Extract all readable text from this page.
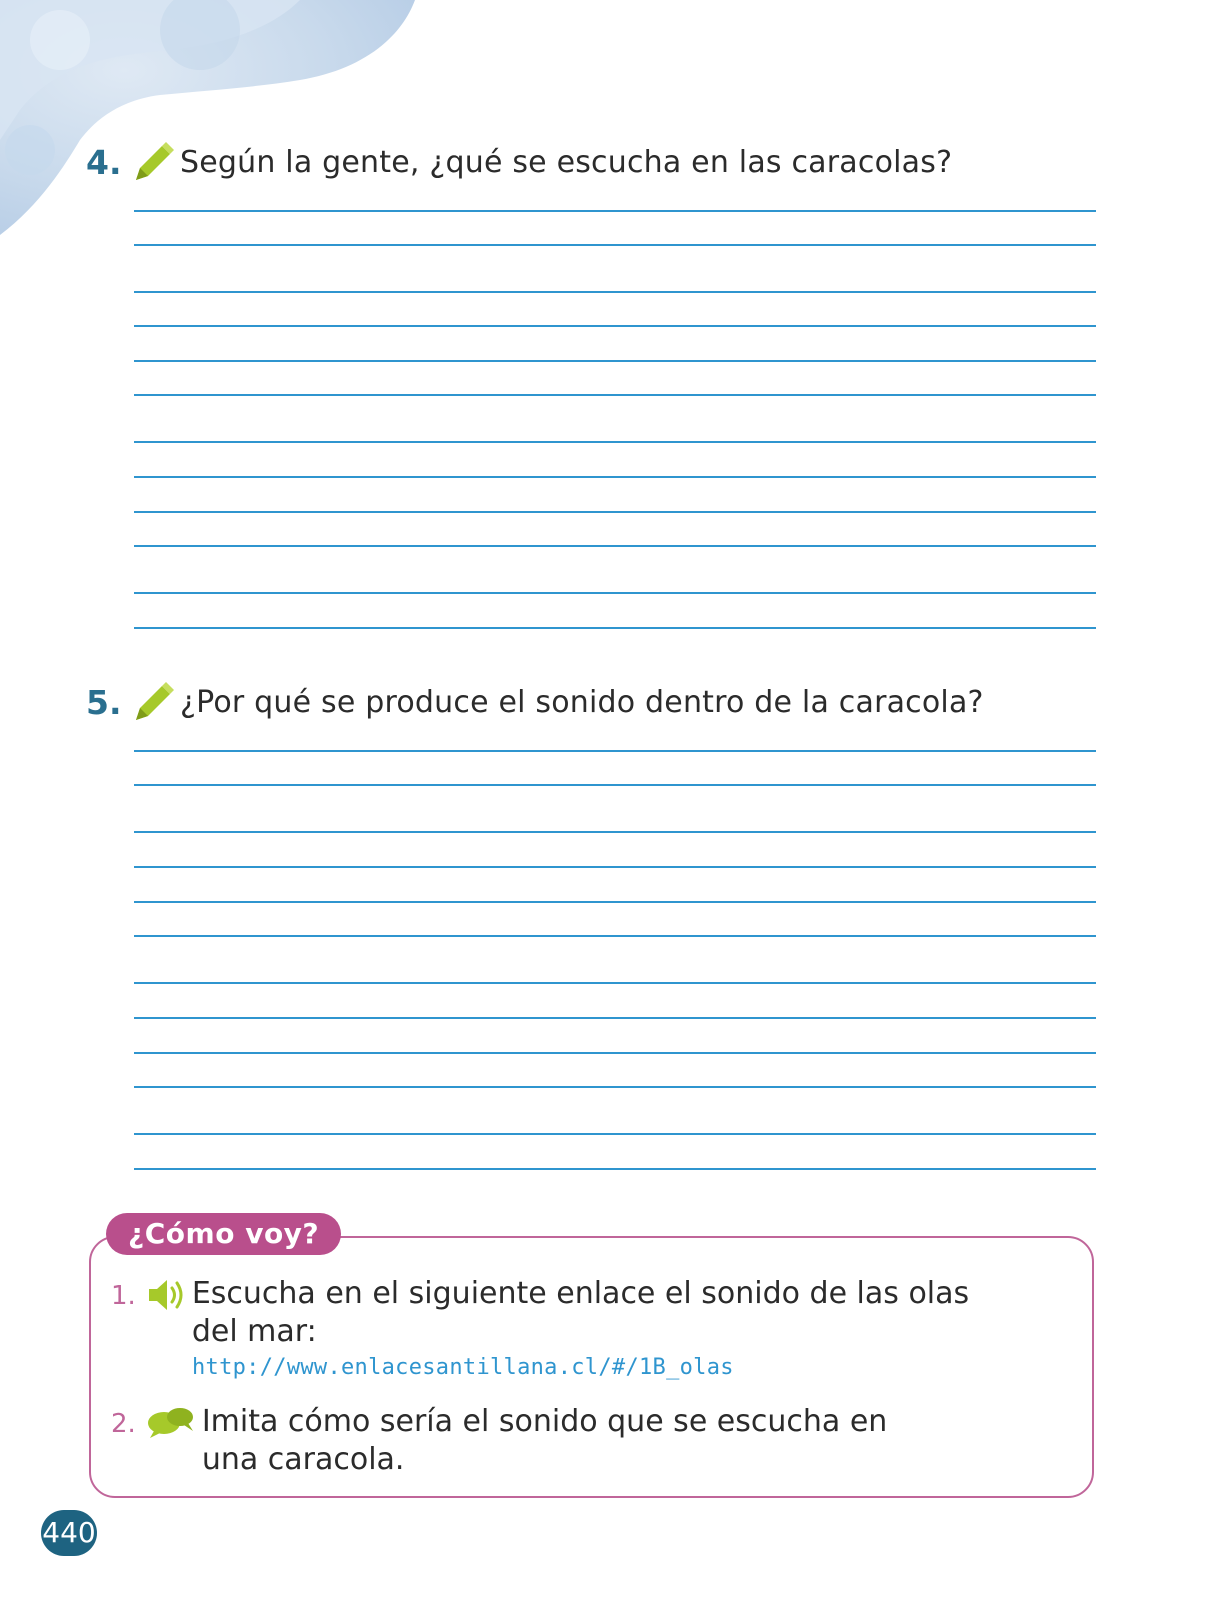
4.	Según la gente, ¿qué se escucha en las caracolas?
5.	¿Por qué se produce el sonido dentro de la caracola?
¿Cómo voy?
1. Escucha en el siguiente enlace el sonido de las olas
del mar:
http://www.enlacesantillana.cl/#/1B_olas
2. Imita cómo sería el sonido que se escucha en
una caracola.
440
